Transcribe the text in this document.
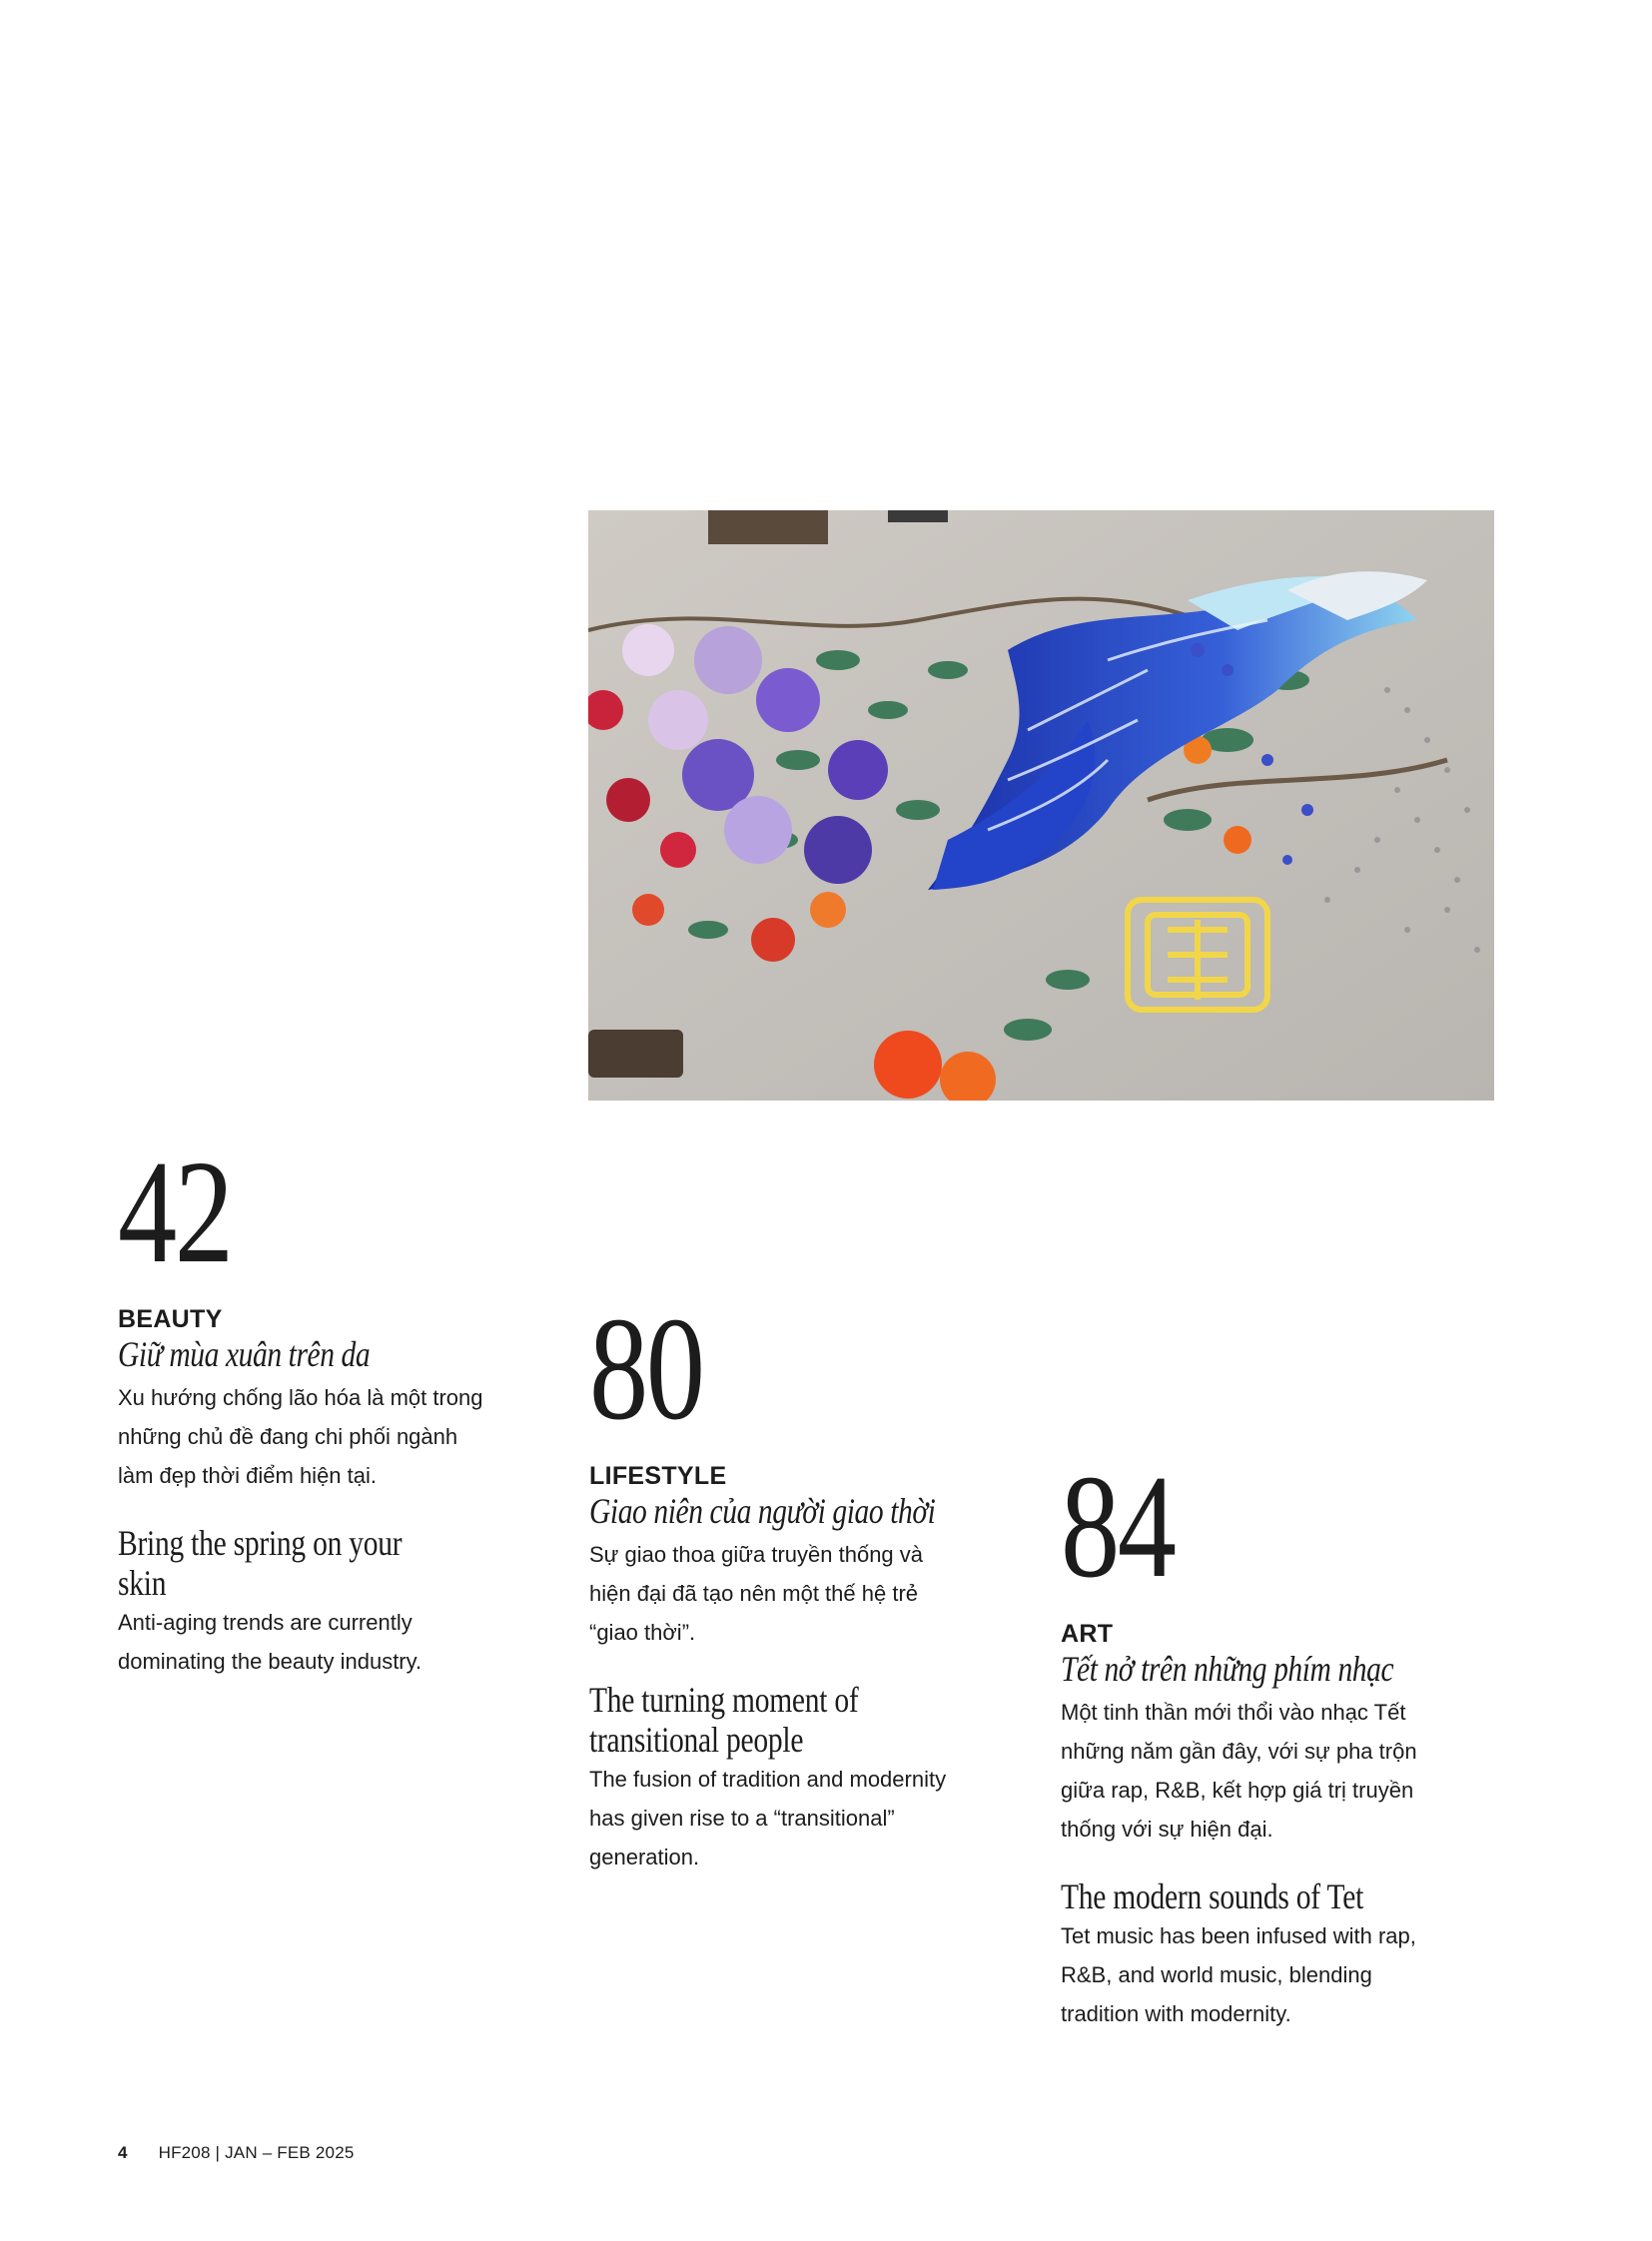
42
BEAUTY
Giữ mùa xuân trên da

Xu hướng chống lão hóa là một trong những chủ đề đang chi phối ngành làm đẹp thời điểm hiện tại.

Bring the spring on your skin

Anti-aging trends are currently dominating the beauty industry.

80
LIFESTYLE
Giao niên của người giao thời

Sự giao thoa giữa truyền thống và hiện đại đã tạo nên một thế hệ trẻ “giao thời”.

The turning moment of transitional people

The fusion of tradition and modernity has given rise to a “transitional” generation.

84
ART
Tết nở trên những phím nhạc

Một tinh thần mới thổi vào nhạc Tết những năm gần đây, với sự pha trộn giữa rap, R&B, kết hợp giá trị truyền thống với sự hiện đại.

The modern sounds of Tet

Tet music has been infused with rap, R&B, and world music, blending tradition with modernity.

4 HF208 | JAN – FEB 2025
